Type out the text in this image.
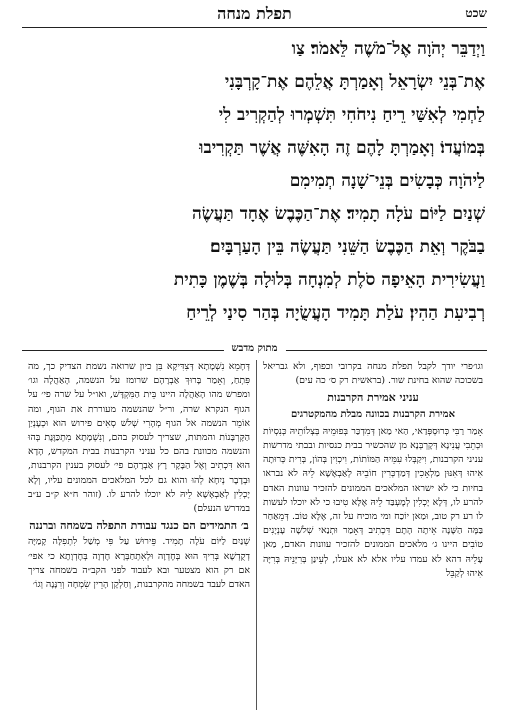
שכט
תפלת מנחה
וַיְדַבֵּר יְהֹוָה אֶל־מֹשֶׁה לֵּאמֹר׃ צַו
אֶת־בְּנֵי יִשְׂרָאֵל וְאָמַרְתָּ אֲלֵהֶם אֶת־קָרְבָּנִי
לַחְמִי לְאִשַּׁי רֵיחַ נִיחֹחִי תִּשְׁמְרוּ לְהַקְרִיב לִי
בְּמוֹעֲדוֹ׃ וְאָמַרְתָּ לָהֶם זֶה הָאִשֶּׁה אֲשֶׁר תַּקְרִיבוּ
לַיהֹוָה כְּבָשִׂים בְּנֵי־שָׁנָה תְמִימִם
שְׁנַיִם לַיּוֹם עֹלָה תָמִיד׃ אֶת־הַכֶּבֶשׂ אֶחָד תַּעֲשֶׂה
בַבֹּקֶר וְאֵת הַכֶּבֶשׂ הַשֵּׁנִי תַּעֲשֶׂה בֵּין הָעַרְבָּיִם׃
וַעֲשִׂירִית הָאֵיפָה סֹלֶת לְמִנְחָה בְּלוּלָה בְּשֶׁמֶן כָּתִית
רְבִיעִת הַהִין׃ עֹלַת תָּמִיד הָעֲשֻׂיָה בְּהַר סִינַי לְרֵיחַ
מתוק מדבש

וגו׳פרי יודך לקבל תפלת מנחה בקרובי וכפוף, ולא גבריאל בשכוכה שהוא בחינת שור. (בראשית רק ס׳ כה עים)

עניני אמירת הקרבנות
אמירת הקרבנות בכוונה מבלת מהמקטרגים

אָמַר רַבִּי כְּרוּסְפְּדַאי, הַאי מַאן דְּמִדְכַּר בְּפוּמֵיהּ בְּצְלוֹתֵיהּ כְּנִסְיוֹת וּכְתֵבִי עֲנִינָא דְּקָרְבְּנָא מן שהכשיר בבית כנסיות ובבתי מדרשות עניני הקרבנות, וִיקַבְּלוּ עִמֵּיהּ הַמּוֹתוֹת, וִיכְוִין בְּהוֹן, בְּרִית כְּרוּתָה אִיהוּ דְּאִנּוּן מַלְאָכִין דְּמַדְכְּרִין חוֹבֵיהּ לְאַבְאָשָׁא לֵיהּ לא נבראו בחיות כי לא ישראו המלאכים הממונים להזכיר עוונות האדם להרע לו, דְּלָא יָכְלִין לְמֶעְבַּד לֵיהּ אֶלָּא טִיבוּ כי לא יוכלו לעשות לו רע רק טוב, וּמַאן יוֹכַח ומי מוכיח על זה, אֶלָּא טוֹב. דְּמֵאַחַר בַּמָּה הַשָּׁנָה אֵיתָה הָתָם דִּכְתִיב דְּאָמַר וּתְנַאי שְׁלשָׁה עָנְיָנִים טוֹבִים היינו ג׳ מלאכים הממונים להזכיר עוונות האדם, מַאן עָלֵיהּ דהא לא עמדו עליו אלא לא אעלו, לְעֵינַן בְּרִיָּנֵיהּ בְּרִיָּה אִיהוּ לְקַבֵּל

דְּחָמֵא נִשְׁמָתָא דְּצִדִּיקָא בִּן כיון שרואה נשמת הצדיק כך, מה פִּתְחַ, וְאָמַר בָּרוּךְ אַבְרָהָם שרומז על הנשמה, הָאַהֲלָה וגו׳ ומפרש מהו הָאַהֲלָה היינו בֵּית הַמִּקְדָּשׁ, ואו״ל על שרה פי׳ על הגוף הנקרא שרה, ור״ל שהנשמה מעוררת את הגוף, ומה אוֹמֵר הנשמה אל הגוף מְהָרִי שְׁלשׁ סְאִים פירוש הוא וּכְעָנְיַן הַקָּרְבָּנוֹת והמתות, שצריך לעסוק בהם, וְנִשְׁמָתָא מִתְכַּוֶּנֶת בְּהוּ והנשמה מכוונת בהם כל עניני הקרבנות בבית המקדש, הָדָא הוּא דִּכְתִיב וְאֶל הַבָּקָר רָץ אַבְרָהָם פי׳ לעסוק בענין הקרבנות, וּבְדָבָר נְיִחָא לְהוּ והוא גם לכל המלאכים הממונים עליו, וְלָא יָכְלִין לְאַבְאָשָׁא לֵיהּ לא יוכלו להרע לו. (זוהר ח״א ק״ב ע״ב במדרש הנעלם)

ב׳ התמידים הם כנגד עבודת התפלה בשמחה וברננה

שְׁנַיִם לַיּוֹם עֹלָה תָמִיד. פֵּירוּשׁ עַל פִּי מְשַׁל לִתְפִלָּה קָמַיָּה דְקֻדְשָׁא בְּרִיךְ הוּא בְּחֶדְוָה וּלְאִתְחַבְּרָא חֶדְוָה בְּחֶדְוָתָא כי אפי׳ אם רק הוא מצטער ובא לעבוד לפני הקב״ה בשמחה צריך האדם לעבד בשמחה מהקרבנות, וְחַלְקָן הָרֵין שִׂמְחָה וְרִנָּנָה וְגוֹ׳
